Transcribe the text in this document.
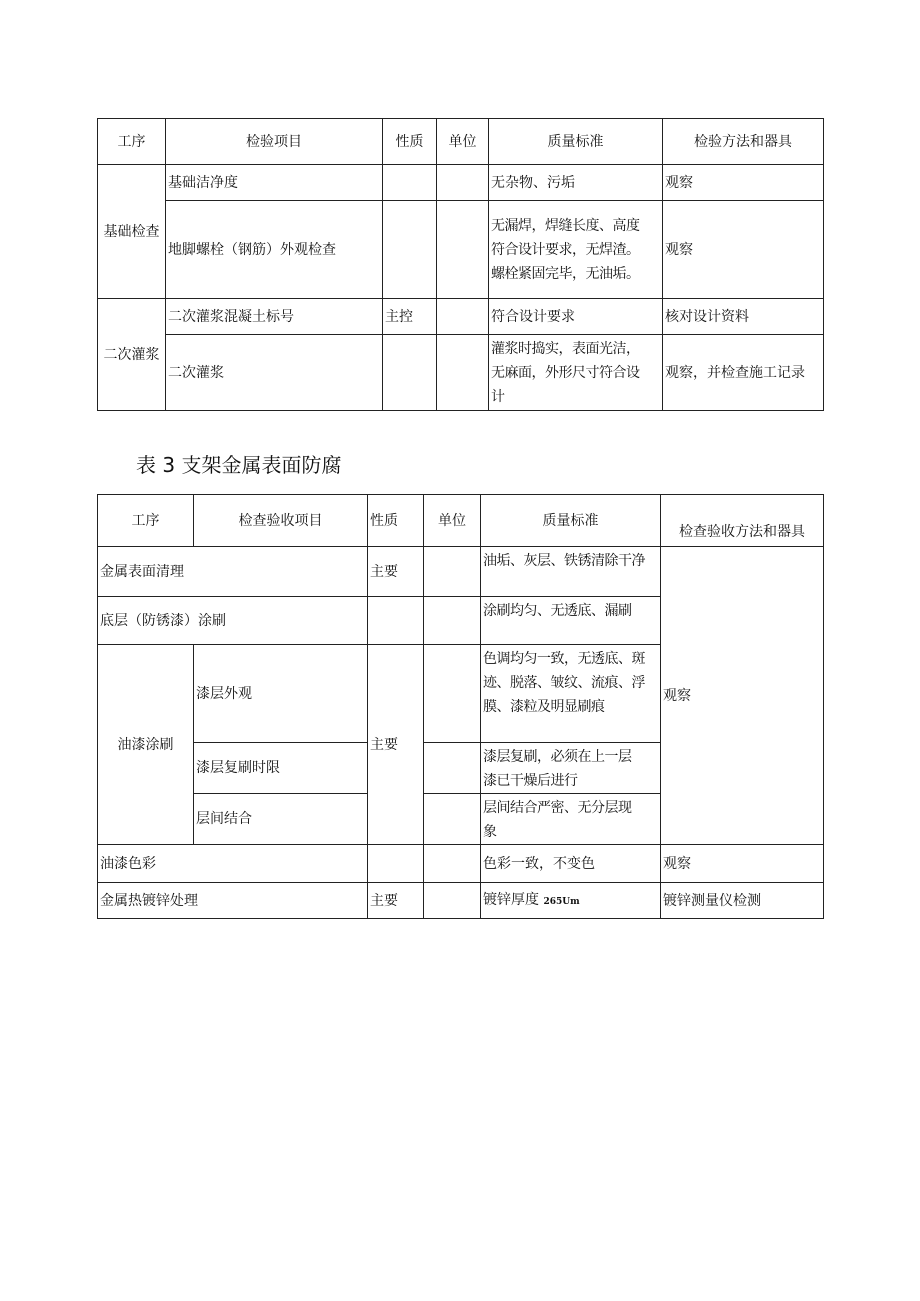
工序	检验项目	性质	单位	质量标准	检验方法和器具
基础检查	基础洁净度			无杂物、污垢	观察
	地脚螺栓（钢筋）外观检查			无漏焊，焊缝长度、高度
符合设计要求，无焊渣。
螺栓紧固完毕，无油垢。	观察
二次灌浆	二次灌浆混凝土标号	主控		符合设计要求	核对设计资料
	二次灌浆			灌浆时捣实，表面光洁，
无麻面，外形尺寸符合设
计	观察，并检查施工记录
表 3 支架金属表面防腐
工序	检查验收项目	性质	单位	质量标准	检查验收方法和器具
金属表面清理		主要		油垢、灰层、铁锈清除干净	观察
底层（防锈漆）涂刷				涂刷均匀、无透底、漏刷	
油漆涂刷	漆层外观	主要		色调均匀一致，无透底、斑
迹、脱落、皱纹、流痕、浮
膜、漆粒及明显刷痕	
	漆层复刷时限			漆层复刷，必须在上一层
漆已干燥后进行	
	层间结合			层间结合严密、无分层现
象	
油漆色彩				色彩一致，不变色	观察
金属热镀锌处理		主要		镀锌厚度 265Um	镀锌测量仪检测
